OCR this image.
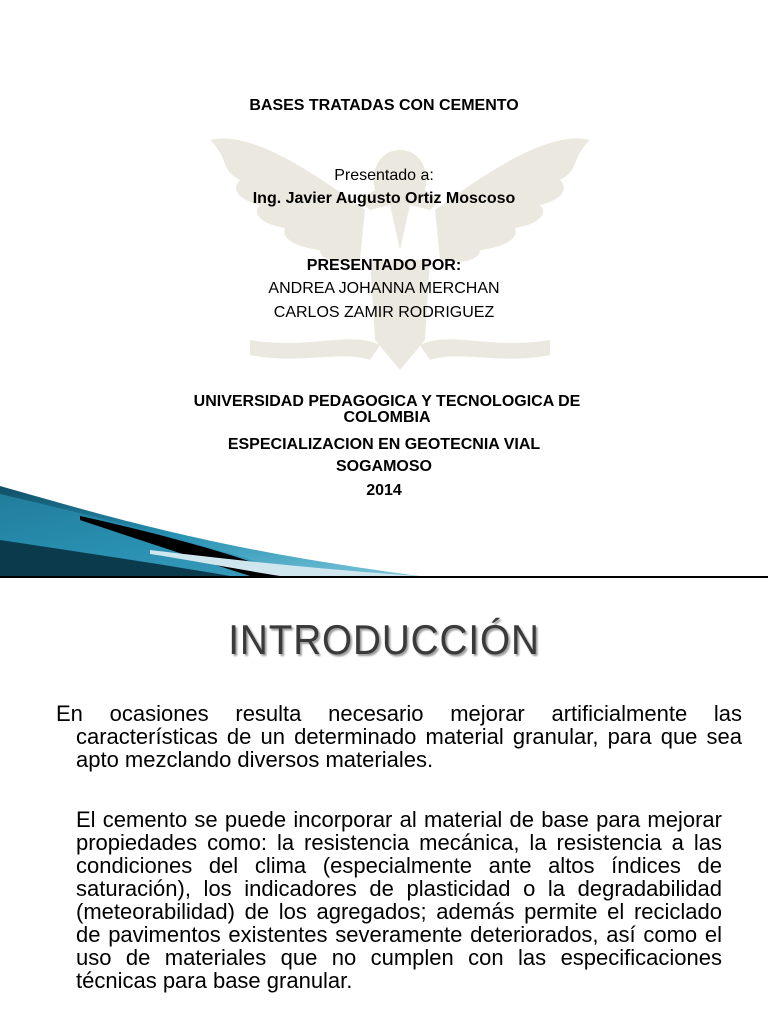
BASES TRATADAS CON CEMENTO
Presentado a:
Ing. Javier Augusto Ortiz Moscoso
PRESENTADO POR:
ANDREA JOHANNA MERCHAN
CARLOS ZAMIR RODRIGUEZ
UNIVERSIDAD PEDAGOGICA Y TECNOLOGICA DE COLOMBIA
ESPECIALIZACION EN GEOTECNIA VIAL
SOGAMOSO
2014
INTRODUCCIÓN
En ocasiones resulta necesario mejorar artificialmente las características de un determinado material granular, para que sea apto mezclando diversos materiales.
El cemento se puede incorporar al material de base para mejorar propiedades como: la resistencia mecánica, la resistencia a las condiciones del clima (especialmente ante altos índices de saturación), los indicadores de plasticidad o la degradabilidad (meteorabilidad) de los agregados; además permite el reciclado de pavimentos existentes severamente deteriorados, así como el uso de materiales que no cumplen con las especificaciones técnicas para base granular.
